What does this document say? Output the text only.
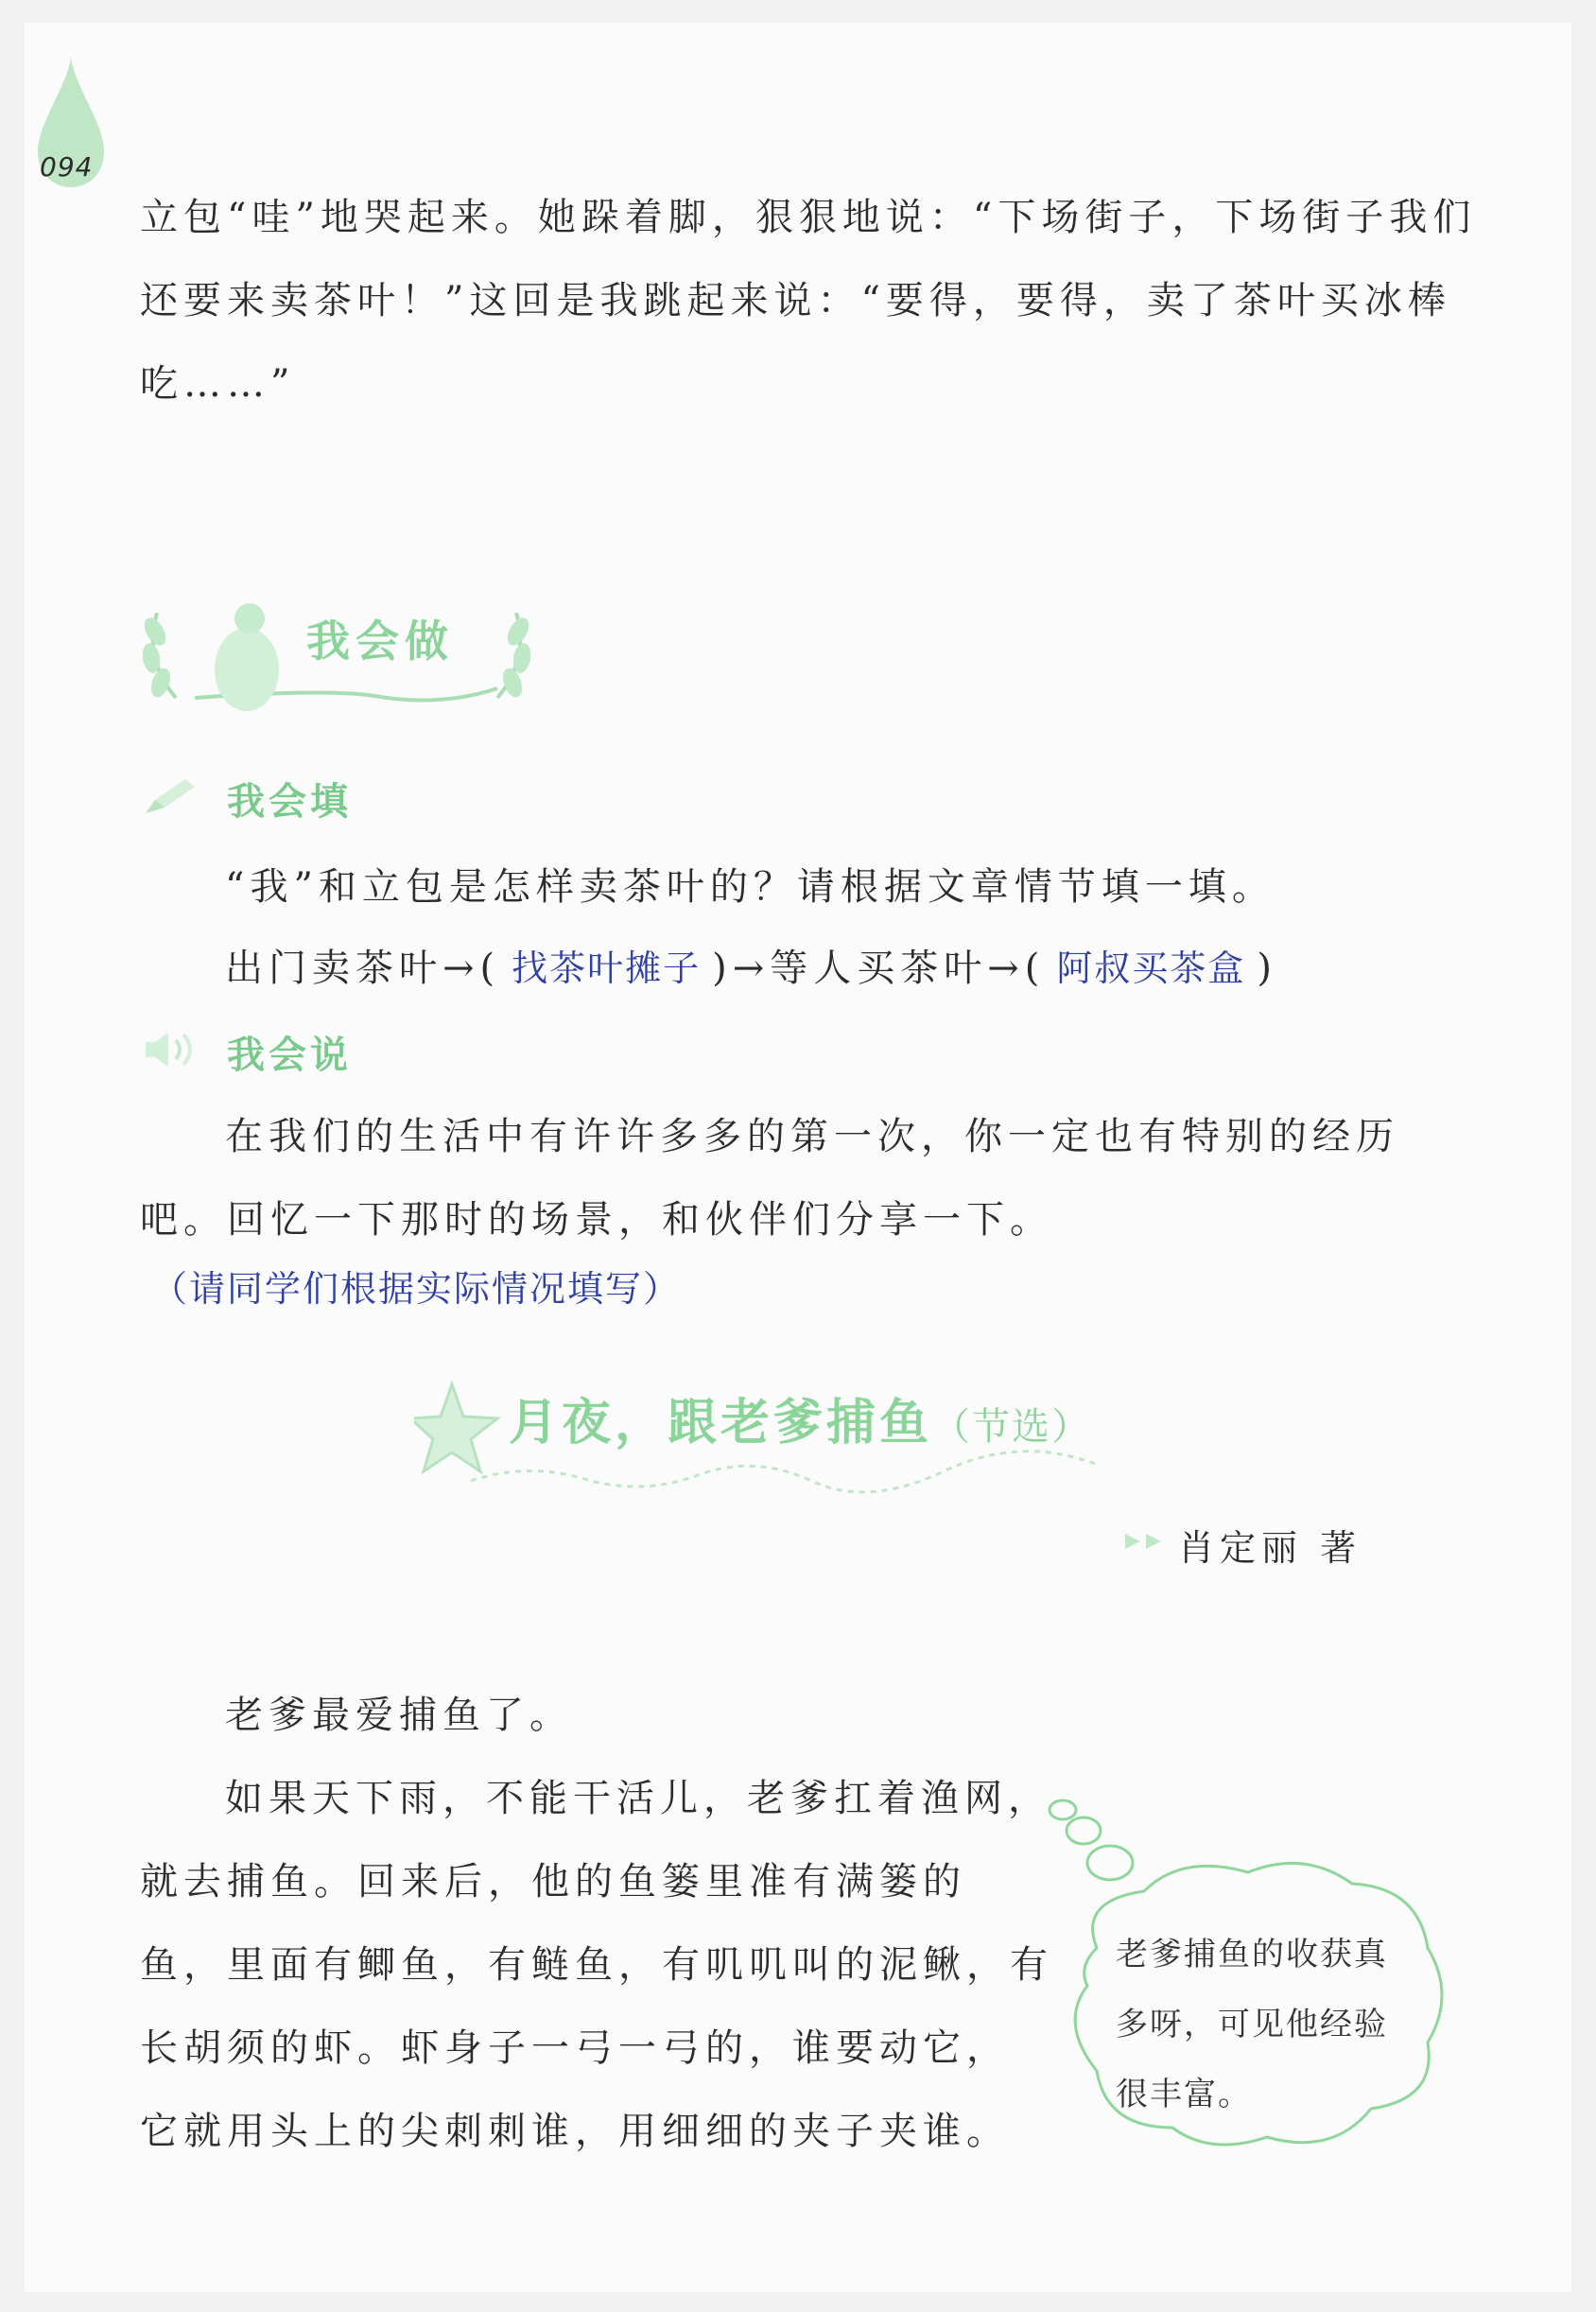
094

立包“哇”地哭起来。她跺着脚，狠狠地说：“下场街子，下场街子我们

还要来卖茶叶！”这回是我跳起来说：“要得，要得，卖了茶叶买冰棒

吃……”

我会做
我会填

“我”和立包是怎样卖茶叶的？请根据文章情节填一填。

出门卖茶叶→( 找茶叶摊子 )→等人买茶叶→( 阿叔买茶盒 )

我会说

在我们的生活中有许许多多的第一次，你一定也有特别的经历

吧。回忆一下那时的场景，和伙伴们分享一下。

（请同学们根据实际情况填写）
月夜，跟老爹捕鱼（节选）
肖定丽 著

老爹最爱捕鱼了。

如果天下雨，不能干活儿，老爹扛着渔网，

就去捕鱼。回来后，他的鱼篓里准有满篓的

鱼，里面有鲫鱼，有鲢鱼，有叽叽叫的泥鳅，有

长胡须的虾。虾身子一弓一弓的，谁要动它，

它就用头上的尖刺刺谁，用细细的夹子夹谁。

老爹捕鱼的收获真
多呀，可见他经验
很丰富。
